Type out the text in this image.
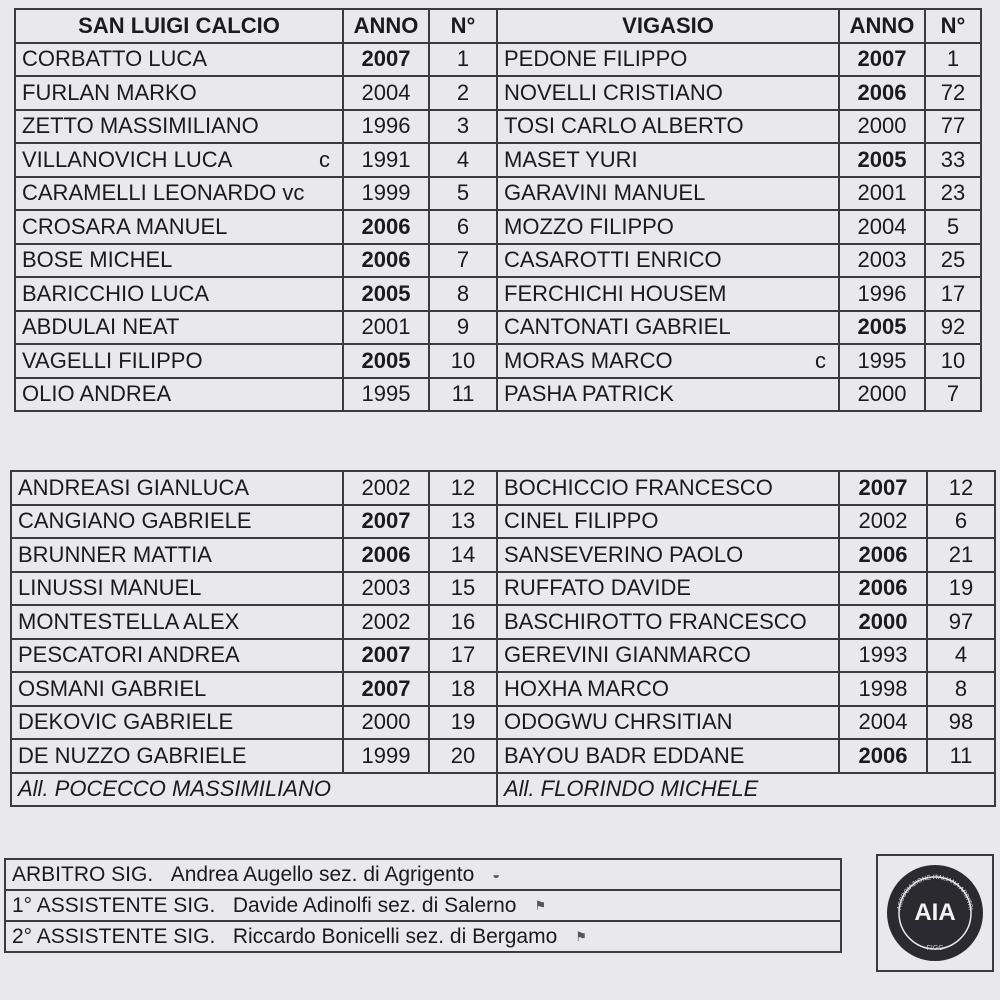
SAN LUIGI CALCIO	ANNO	N°	VIGASIO	ANNO	N°
CORBATTO LUCA	2007	1	PEDONE FILIPPO	2007	1
FURLAN MARKO	2004	2	NOVELLI CRISTIANO	2006	72
ZETTO MASSIMILIANO	1996	3	TOSI CARLO ALBERTO	2000	77
VILLANOVICH LUCA c	1991	4	MASET YURI	2005	33
CARAMELLI LEONARDO vc	1999	5	GARAVINI MANUEL	2001	23
CROSARA MANUEL	2006	6	MOZZO FILIPPO	2004	5
BOSE MICHEL	2006	7	CASAROTTI ENRICO	2003	25
BARICCHIO LUCA	2005	8	FERCHICHI HOUSEM	1996	17
ABDULAI NEAT	2001	9	CANTONATI GABRIEL	2005	92
VAGELLI FILIPPO	2005	10	MORAS MARCO c	1995	10
OLIO ANDREA	1995	11	PASHA PATRICK	2000	7
ANDREASI GIANLUCA	2002	12	BOCHICCIO FRANCESCO	2007	12
CANGIANO GABRIELE	2007	13	CINEL FILIPPO	2002	6
BRUNNER MATTIA	2006	14	SANSEVERINO PAOLO	2006	21
LINUSSI MANUEL	2003	15	RUFFATO DAVIDE	2006	19
MONTESTELLA ALEX	2002	16	BASCHIROTTO FRANCESCO	2000	97
PESCATORI ANDREA	2007	17	GEREVINI GIANMARCO	1993	4
OSMANI GABRIEL	2007	18	HOXHA MARCO	1998	8
DEKOVIC GABRIELE	2000	19	ODOGWU CHRSITIAN	2004	98
DE NUZZO GABRIELE	1999	20	BAYOU BADR EDDANE	2006	11
All. POCECCO MASSIMILIANO			All. FLORINDO MICHELE		
ARBITRO SIG. Andrea Augello sez. di Agrigento ◒
1° ASSISTENTE SIG. Davide Adinolfi sez. di Salerno ⚑
2° ASSISTENTE SIG. Riccardo Bonicelli sez. di Bergamo ⚑
AIA
FIGC
ASSOCIAZIONE ITALIANA ARBITRI
